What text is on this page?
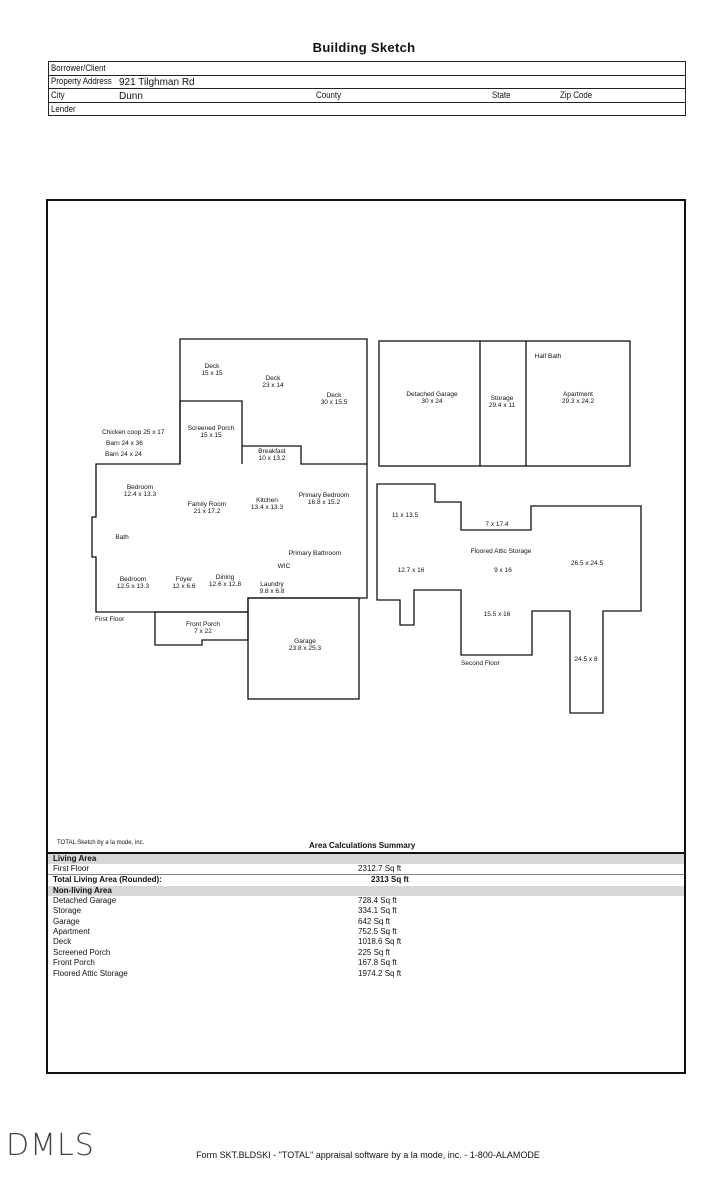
Building Sketch
Borrower/Client
Property Address 921 Tilghman Rd
City	Dunn	County	State	Zip Code
Lender
Deck
15 x 15
Deck
23 x 14
Deck
30 x 15.5
Screened Porch
15 x 15
Breakfast
10 x 13.2
Bedroom
12.4 x 13.3
Family Room
21 x 17.2
Kitchen
13.4 x 13.3
Primary Bedroom
16.8 x 15.2
Bath
Primary Bathroom
WIC
Bedroom
12.5 x 13.3
Foyer
12 x 6.6
Dining
12.6 x 12.8	Laundry
9.8 x 6.8
Front Porch
7 x 22
Garage
23.8 x 25.3
Detached Garage
30 x 24	Storage
29.4 x 11
Half Bath
Apartment
29.3 x 24.2
11 x 13.5
7 x 17.4
Floored Attic Storage
12.7 x 16	9 x 16
26.5 x 24.5
15.5 x 16
24.5 x 8
Chicken coop 25 x 17
Barn 24 x 36
Barn 24 x 24
First Floor
Second Floor
TOTAL Sketch by a la mode, inc.	Area Calculations Summary
Living Area
First Floor	2312.7 Sq ft
Total Living Area (Rounded):	2313 Sq ft
Non-living Area
Detached Garage	728.4 Sq ft
Storage	334.1 Sq ft
Garage	642 Sq ft
Apartment	752.5 Sq ft
Deck	1018.6 Sq ft
Screened Porch	225 Sq ft
Front Porch	167.8 Sq ft
Floored Attic Storage	1974.2 Sq ft
DMLS	Form SKT.BLDSKI - "TOTAL" appraisal software by a la mode, inc. - 1-800-ALAMODE
